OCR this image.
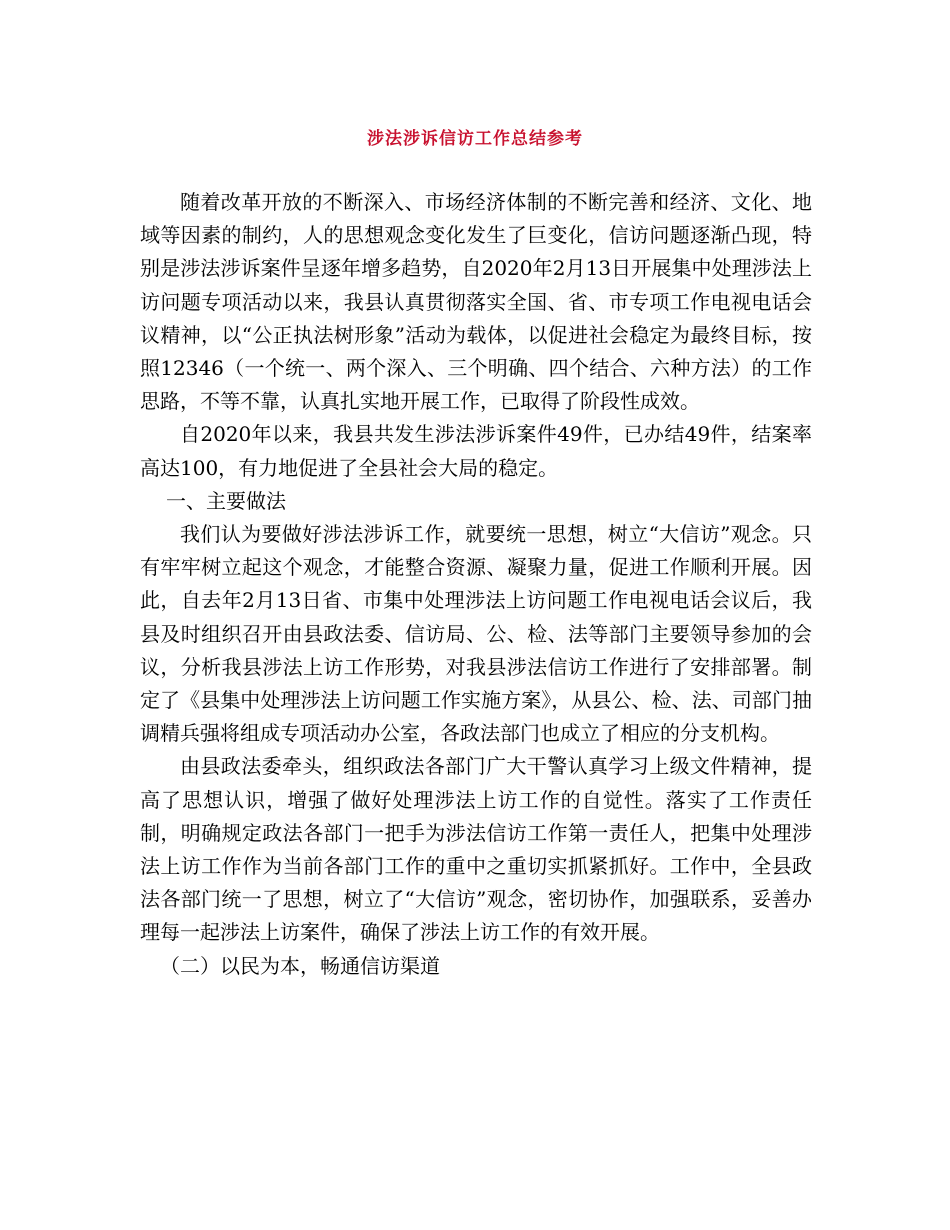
涉法涉诉信访工作总结参考

随着改革开放的不断深入、市场经济体制的不断完善和经济、文化、地域等因素的制约，人的思想观念变化发生了巨变化，信访问题逐渐凸现，特别是涉法涉诉案件呈逐年增多趋势，自2020年2月13日开展集中处理涉法上访问题专项活动以来，我县认真贯彻落实全国、省、市专项工作电视电话会议精神，以“公正执法树形象”活动为载体，以促进社会稳定为最终目标，按照12346（一个统一、两个深入、三个明确、四个结合、六种方法）的工作思路，不等不靠，认真扎实地开展工作，已取得了阶段性成效。

自2020年以来，我县共发生涉法涉诉案件49件，已办结49件，结案率高达100，有力地促进了全县社会大局的稳定。

一、主要做法

我们认为要做好涉法涉诉工作，就要统一思想，树立“大信访”观念。只有牢牢树立起这个观念，才能整合资源、凝聚力量，促进工作顺利开展。因此，自去年2月13日省、市集中处理涉法上访问题工作电视电话会议后，我县及时组织召开由县政法委、信访局、公、检、法等部门主要领导参加的会议，分析我县涉法上访工作形势，对我县涉法信访工作进行了安排部署。制定了《县集中处理涉法上访问题工作实施方案》，从县公、检、法、司部门抽调精兵强将组成专项活动办公室，各政法部门也成立了相应的分支机构。

由县政法委牵头，组织政法各部门广大干警认真学习上级文件精神，提高了思想认识，增强了做好处理涉法上访工作的自觉性。落实了工作责任制，明确规定政法各部门一把手为涉法信访工作第一责任人，把集中处理涉法上访工作作为当前各部门工作的重中之重切实抓紧抓好。工作中，全县政法各部门统一了思想，树立了“大信访”观念，密切协作，加强联系，妥善办理每一起涉法上访案件，确保了涉法上访工作的有效开展。

（二）以民为本，畅通信访渠道
